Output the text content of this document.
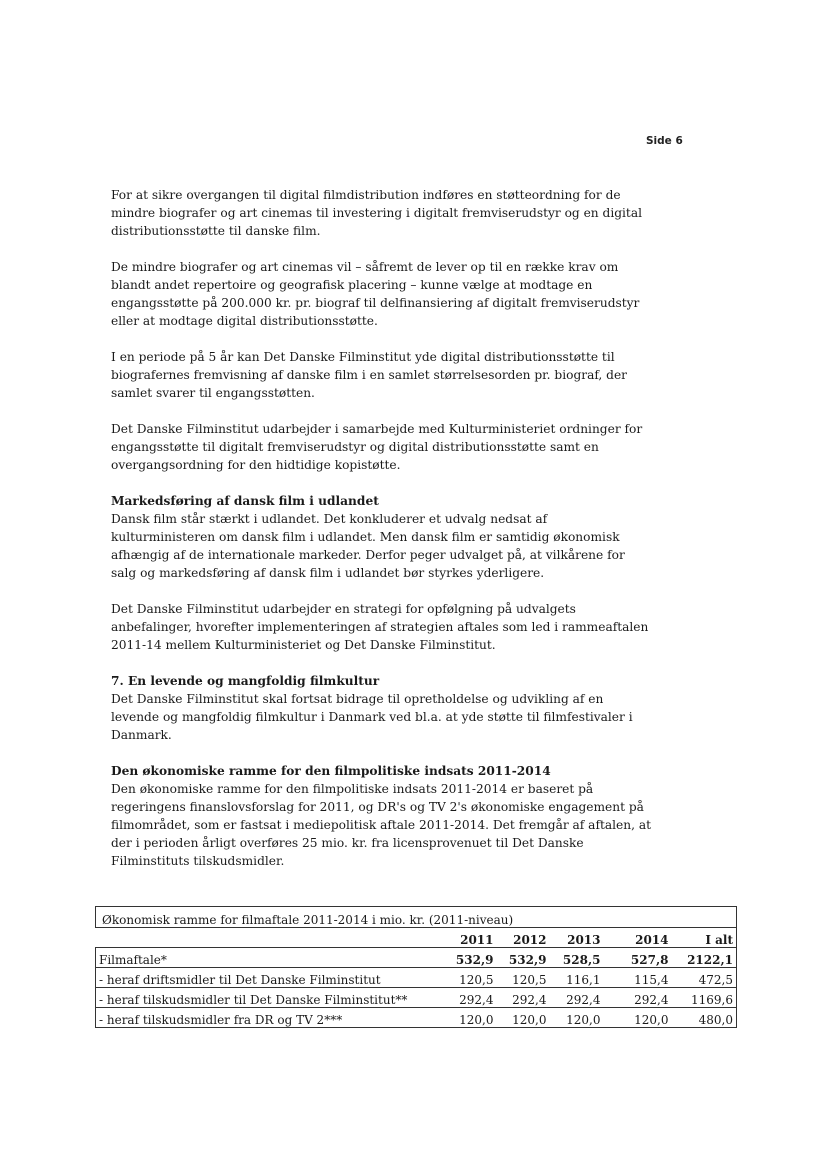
Side 6

For at sikre overgangen til digital filmdistribution indføres en støtteordning for de mindre biografer og art cinemas til investering i digitalt fremviserudstyr og en digital distributionsstøtte til danske film.

De mindre biografer og art cinemas vil – såfremt de lever op til en række krav om blandt andet repertoire og geografisk placering – kunne vælge at modtage en engangsstøtte på 200.000 kr. pr. biograf til delfinansiering af digitalt fremviserudstyr eller at modtage digital distributionsstøtte.

I en periode på 5 år kan Det Danske Filminstitut yde digital distributionsstøtte til biografernes fremvisning af danske film i en samlet størrelsesorden pr. biograf, der samlet svarer til engangsstøtten.

Det Danske Filminstitut udarbejder i samarbejde med Kulturministeriet ordninger for engangsstøtte til digitalt fremviserudstyr og digital distributionsstøtte samt en overgangsordning for den hidtidige kopistøtte.

Markedsføring af dansk film i udlandet

Dansk film står stærkt i udlandet. Det konkluderer et udvalg nedsat af kulturministeren om dansk film i udlandet. Men dansk film er samtidig økonomisk afhængig af de internationale markeder. Derfor peger udvalget på, at vilkårene for salg og markedsføring af dansk film i udlandet bør styrkes yderligere.

Det Danske Filminstitut udarbejder en strategi for opfølgning på udvalgets anbefalinger, hvorefter implementeringen af strategien aftales som led i rammeaftalen 2011-14 mellem Kulturministeriet og Det Danske Filminstitut.

7. En levende og mangfoldig filmkultur

Det Danske Filminstitut skal fortsat bidrage til opretholdelse og udvikling af en levende og mangfoldig filmkultur i Danmark ved bl.a. at yde støtte til filmfestivaler i Danmark.

Den økonomiske ramme for den filmpolitiske indsats 2011-2014

Den økonomiske ramme for den filmpolitiske indsats 2011-2014 er baseret på regeringens finanslovsforslag for 2011, og DR's og TV 2's økonomiske engagement på filmområdet, som er fastsat i mediepolitisk aftale 2011-2014. Det fremgår af aftalen, at der i perioden årligt overføres 25 mio. kr. fra licensprovenuet til Det Danske Filminstituts tilskudsmidler.

Økonomisk ramme for filmaftale 2011-2014 i mio. kr. (2011-niveau)					
	2011	2012	2013	2014	I alt
Filmaftale*	532,9	532,9	528,5	527,8	2122,1
- heraf driftsmidler til Det Danske Filminstitut	120,5	120,5	116,1	115,4	472,5
- heraf tilskudsmidler til Det Danske Filminstitut**	292,4	292,4	292,4	292,4	1169,6
- heraf tilskudsmidler fra DR og TV 2***	120,0	120,0	120,0	120,0	480,0
